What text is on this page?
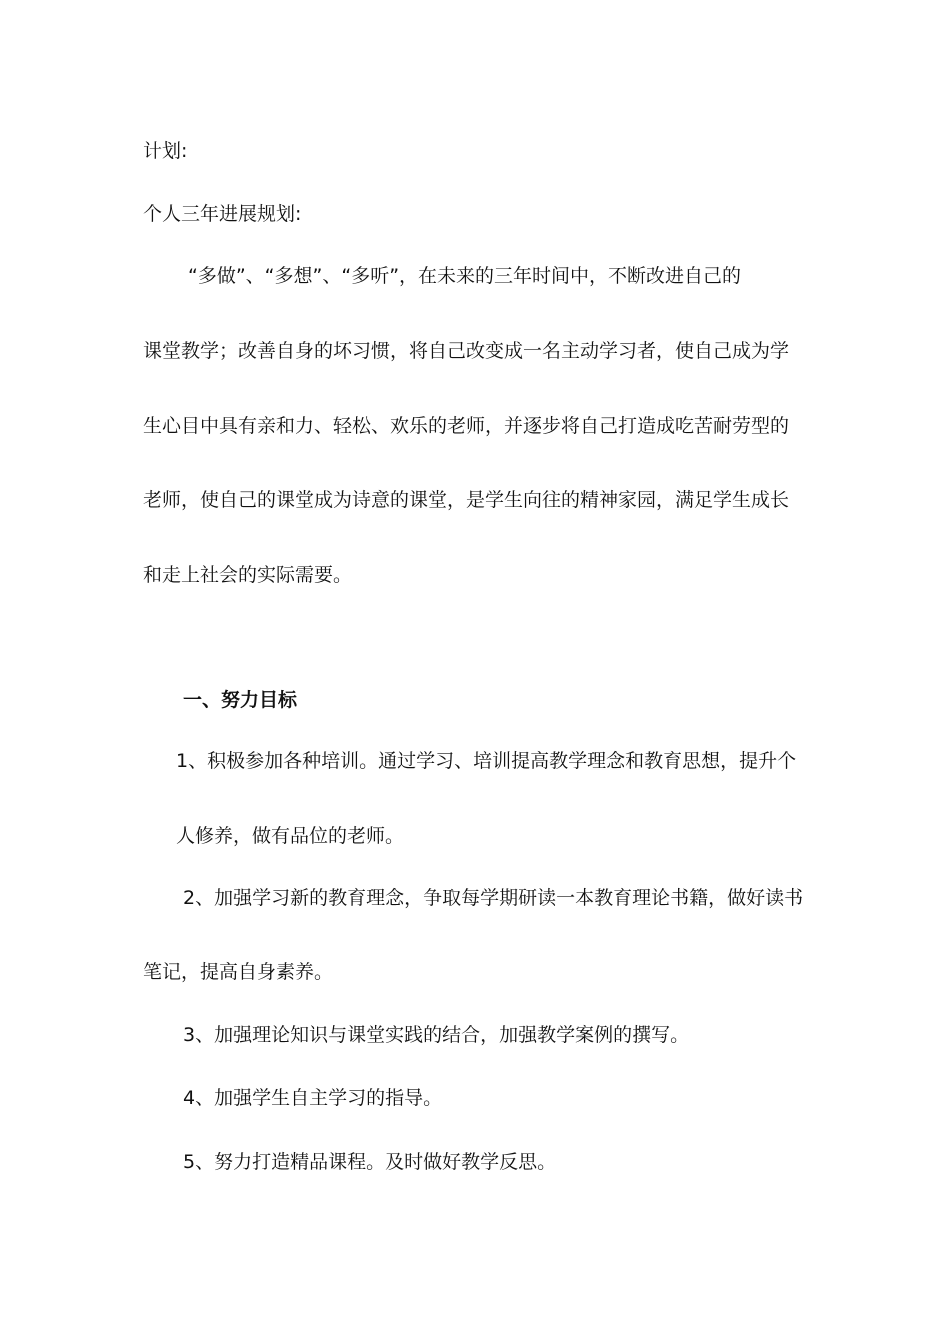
计划:
个人三年进展规划:
“多做”、“多想”、“多听”，在未来的三年时间中，不断改进自己的
课堂教学；改善自身的坏习惯，将自己改变成一名主动学习者，使自己成为学
生心目中具有亲和力、轻松、欢乐的老师，并逐步将自己打造成吃苦耐劳型的
老师，使自己的课堂成为诗意的课堂，是学生向往的精神家园，满足学生成长
和走上社会的实际需要。
一、努力目标
1、积极参加各种培训。通过学习、培训提高教学理念和教育思想，提升个
人修养，做有品位的老师。
2、加强学习新的教育理念，争取每学期研读一本教育理论书籍，做好读书
笔记，提高自身素养。
3、加强理论知识与课堂实践的结合，加强教学案例的撰写。
4、加强学生自主学习的指导。
5、努力打造精品课程。及时做好教学反思。
